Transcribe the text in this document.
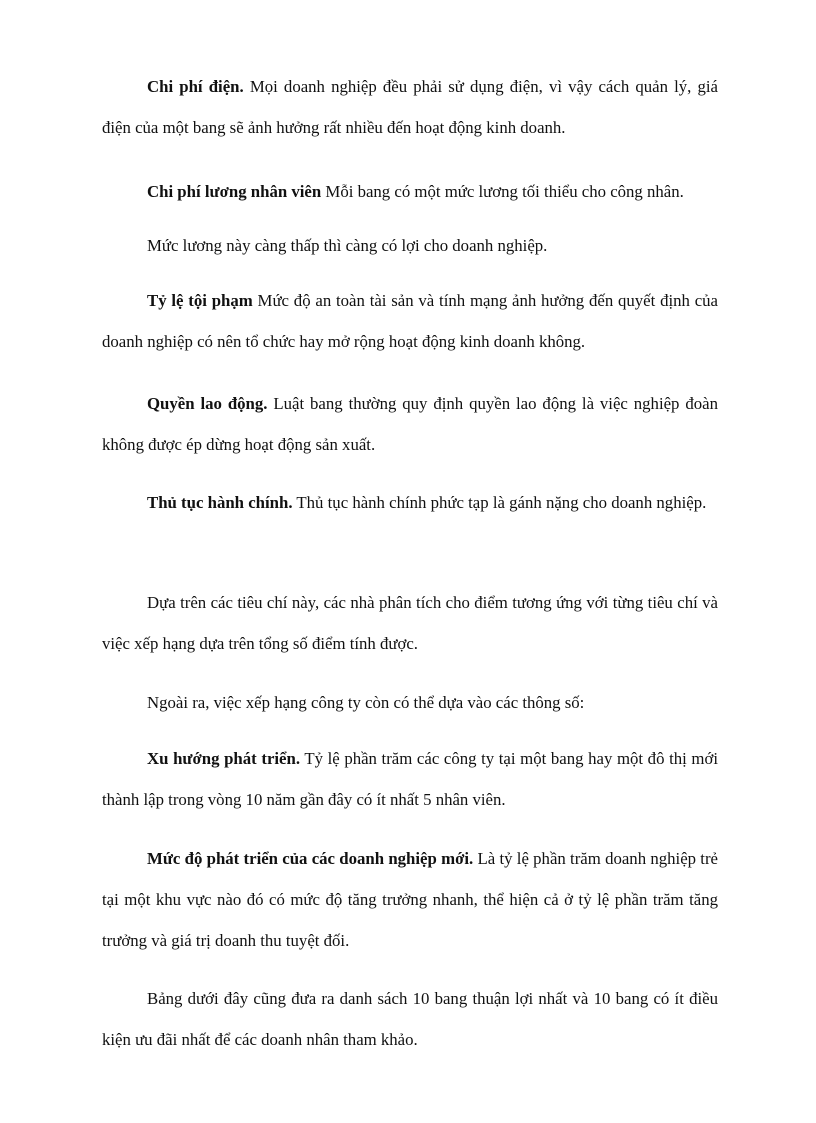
Chi phí điện. Mọi doanh nghiệp đều phải sử dụng điện, vì vậy cách quản lý, giá điện của một bang sẽ ảnh hưởng rất nhiều đến hoạt động kinh doanh.

Chi phí lương nhân viên Mỗi bang có một mức lương tối thiểu cho công nhân.

Mức lương này càng thấp thì càng có lợi cho doanh nghiệp.

Tỷ lệ tội phạm Mức độ an toàn tài sản và tính mạng ảnh hưởng đến quyết định của doanh nghiệp có nên tổ chức hay mở rộng hoạt động kinh doanh không.

Quyền lao động. Luật bang thường quy định quyền lao động là việc nghiệp đoàn không được ép dừng hoạt động sản xuất.

Thủ tục hành chính. Thủ tục hành chính phức tạp là gánh nặng cho doanh nghiệp.

Dựa trên các tiêu chí này, các nhà phân tích cho điểm tương ứng với từng tiêu chí và việc xếp hạng dựa trên tổng số điểm tính được.

Ngoài ra, việc xếp hạng công ty còn có thể dựa vào các thông số:

Xu hướng phát triển. Tỷ lệ phần trăm các công ty tại một bang hay một đô thị mới thành lập trong vòng 10 năm gần đây có ít nhất 5 nhân viên.

Mức độ phát triển của các doanh nghiệp mới. Là tỷ lệ phần trăm doanh nghiệp trẻ tại một khu vực nào đó có mức độ tăng trưởng nhanh, thể hiện cả ở tỷ lệ phần trăm tăng trưởng và giá trị doanh thu tuyệt đối.

Bảng dưới đây cũng đưa ra danh sách 10 bang thuận lợi nhất và 10 bang có ít điều kiện ưu đãi nhất để các doanh nhân tham khảo.
